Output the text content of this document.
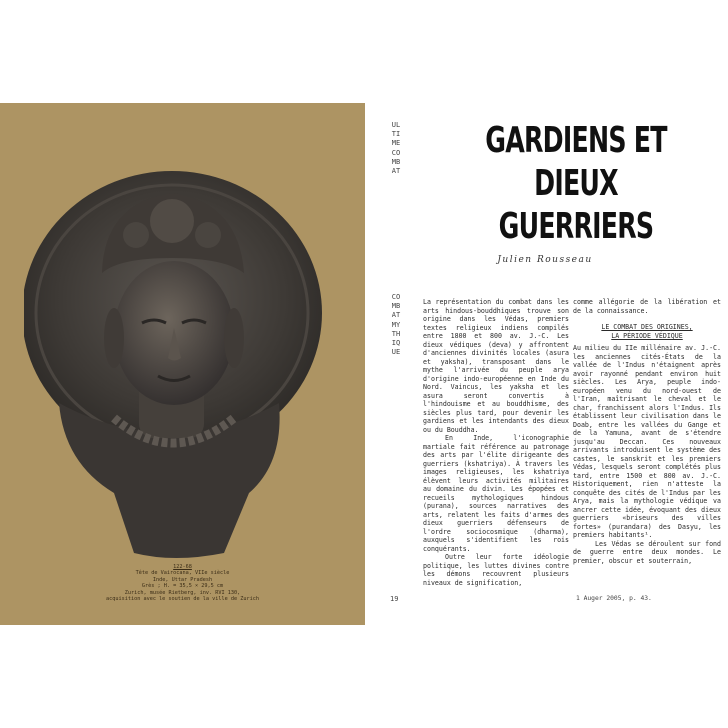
122-68
Tête de Vairocana, VIIe siècle
Inde, Uttar Pradesh
Grès ; H. = 35,5 × 29,5 cm
Zurich, musée Rietberg, inv. RVI 130,
acquisition avec le soutien de la ville de Zurich
ULTIME COMBAT
COMBAT MYTHIQUE
GARDIENS ET DIEUX GUERRIERS
Julien Rousseau

La représentation du combat dans les arts hindous-bouddhiques trouve son origine dans les Védas, premiers textes religieux indiens compilés entre 1800 et 800 av. J.-C. Les dieux védiques (deva) y affrontent d'anciennes divinités locales (asura et yaksha), transposant dans le mythe l'arrivée du peuple arya d'origine indo-européenne en Inde du Nord. Vaincus, les yaksha et les asura seront convertis à l'hindouisme et au bouddhisme, des siècles plus tard, pour devenir les gardiens et les intendants des dieux ou du Bouddha.

En Inde, l'iconographie martiale fait référence au patronage des arts par l'élite dirigeante des guerriers (kshatriya). À travers les images religieuses, les kshatriya élèvent leurs activités militaires au domaine du divin. Les épopées et recueils mythologiques hindous (purana), sources narratives des arts, relatent les faits d'armes des dieux guerriers défenseurs de l'ordre sociocosmique (dharma), auxquels s'identifient les rois conquérants.

Outre leur forte idéologie politique, les luttes divines contre les démons recouvrent plusieurs niveaux de signification,

comme allégorie de la libération et de la connaissance.

LE COMBAT DES ORIGINES,
LA PÉRIODE VÉDIQUE

Au milieu du IIe millénaire av. J.-C. les anciennes cités-États de la vallée de l'Indus n'étaignent après avoir rayonné pendant environ huit siècles. Les Arya, peuple indo-européen venu du nord-ouest de l'Iran, maîtrisant le cheval et le char, franchissent alors l'Indus. Ils établissent leur civilisation dans le Doab, entre les vallées du Gange et de la Yamuna, avant de s'étendre jusqu'au Deccan. Ces nouveaux arrivants introduisent le système des castes, le sanskrit et les premiers Védas, lesquels seront complétés plus tard, entre 1500 et 800 av. J.-C. Historiquement, rien n'atteste la conquête des cités de l'Indus par les Arya, mais la mythologie védique va ancrer cette idée, évoquant des dieux guerriers «briseurs des villes fortes» (purandara) des Dasyu, les premiers habitants¹.

Les Védas se déroulent sur fond de guerre entre deux mondes. Le premier, obscur et souterrain,

19	1 Auger 2005, p. 43.
